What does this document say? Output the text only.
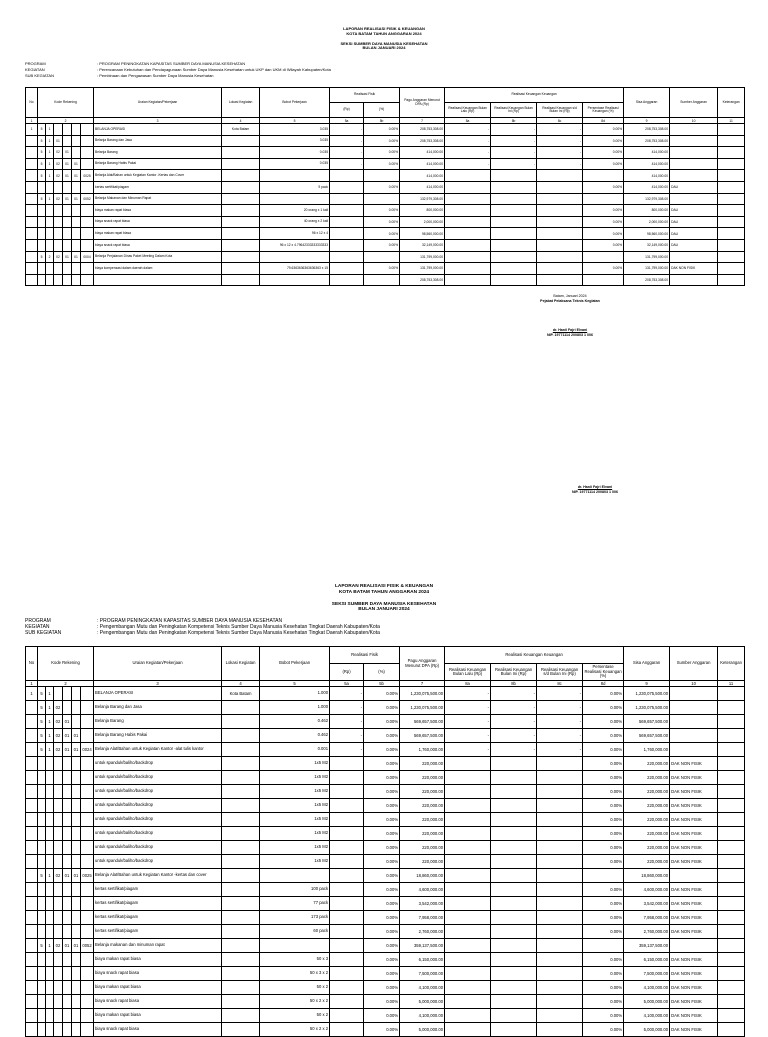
LAPORAN REALISASI FISIK & KEUANGAN
KOTA BATAM TAHUN ANGGARAN 2024
SEKSI SUMBER DAYA MANUSIA KESEHATAN
BULAN JANUARI 2024
PROGRAM	: PROGRAM PENINGKATAN KAPASITAS SUMBER DAYA MANUSIA KESEHATAN
KEGIATAN	: Perencanaan Kebutuhan dan Pendayagunaan Sumber Daya Manusia Kesehatan untuk UKP dan UKM di Wilayah Kabupaten/Kota
SUB KEGIATAN	: Pembinaan dan Pengawasan Sumber Daya Manusia Kesehatan
No	Kode Rekening						Uraian Kegiatan/Pekerjaan	Lokasi Kegiatan	Bobot Pekerjaan	Realisasi Fisik		Pagu Anggaran Menurut DPA (Rp)	Realisasi Keuangan Keuangan				Sisa Anggaran	Sumber Anggaran	Keterangan
										(Rp)	(%)		Realisasi Keuangan Bulan Lalu (Rp)	Realisasi Keuangan Bulan Ini (Rp)	Realisasi Keuangan s/d Bulan Ini (Rp)	Persentase Realisasi Keuangan (%)			
1	2						3	4	5	5a	5b	7	8a	8b	8c	8d	9	10	11
1	5	1					BELANJA OPERASI	Kota Batam	3.035	-	0.00%	208,753,308.00	-	-	-	0.00%	208,753,308.00		
	5	1	01				Belanja Barang dan Jasa		3.035	-	0.00%	208,753,308.00	-	-	-	0.00%	208,753,308.00		
	5	1	02	01			Belanja Barang		0.035	-	0.00%	414,000.00	-	-	-	0.00%	414,000.00		
	5	1	02	01	01		Belanja Barang Habis Pakai		0.035	-	0.00%	414,000.00	-	-	-	0.00%	414,000.00		
	5	1	02	01	01	0025	Belanja Alat/Bahan untuk Kegiatan Kantor -Kertas dan Cover					414,000.00					414,000.00		
							kertas sertifikat/piagam		9 pack		0.00%	414,000.00				0.00%	414,000.00	DAU	
	5	1	02	01	01	0052	Belanja Makanan dan Minuman Rapat					132,979,308.00					132,979,308.00		
							biaya makan rapat biasa		20 orang x 1 kali		0.00%	800,000.00				0.00%	800,000.00	DAU	
							biaya snack rapat biasa		40 orang x 2 kali		0.00%	2,000,000.00				0.00%	2,000,000.00	DAU	
							biaya makan rapat biasa		96 x 12 x 4		0.00%	98,560,000.00				0.00%	98,560,000.00	DAU	
							biaya snack rapat biasa		96 x 12 x 4.79642333333333333		0.00%	32,149,000.00				0.00%	32,149,000.00	DAU	
	5	2	02	01	01	0004	Belanja Perjalanan Dinas Paket Meeting Dalam Kota					131,799,000.00					131,799,000.00		
							biaya kompensasi dalam daerah dalam		79.6363636363636363 x 15		0.00%	131,799,000.00				0.00%	131,799,000.00	DAK NON FISIK	
												208,753,308.00					208,753,308.00		
Batam, Januari 2024
Pejabat Pelaksana Teknis Kegiatan
dr. Hanii Fajri Elvani
NIP. 19771114 200803 1 006
dr. Hanii Fajri Elvani
NIP. 19771114 200803 1 006
LAPORAN REALISASI FISIK & KEUANGAN
KOTA BATAM TAHUN ANGGARAN 2024
SEKSI SUMBER DAYA MANUSIA KESEHATAN
BULAN JANUARI 2024
PROGRAM	: PROGRAM PENINGKATAN KAPASITAS SUMBER DAYA MANUSIA KESEHATAN
KEGIATAN	: Pengembangan Mutu dan Peningkatan Kompetensi Teknis Sumber Daya Manusia Kesehatan Tingkat Daerah Kabupaten/Kota
SUB KEGIATAN	: Pengembangan Mutu dan Peningkatan Kompetensi Teknis Sumber Daya Manusia Kesehatan Tingkat Daerah Kabupaten/Kota
No	Kode Rekening						Uraian Kegiatan/Pekerjaan	Lokasi Kegiatan	Bobot Pekerjaan	Realisasi Fisik		Pagu Anggaran Menurut DPA (Rp)	Realisasi Keuangan Keuangan				Sisa Anggaran	Sumber Anggaran	Keterangan
										(Rp)	(%)		Realisasi Keuangan Bulan Lalu (Rp)	Realisasi Keuangan Bulan Ini (Rp)	Realisasi Keuangan s/d Bulan Ini (Rp)	Persentase Realisasi Keuangan (%)			
1	2						3	4	5	5a	5b	7	8a	8b	8c	8d	9	10	11
1	5	1					BELANJA OPERASI	Kota Batam	1.000	-	0.00%	1,230,075,500.00	-	-	-	0.00%	1,230,075,500.00		
	5	1	02				Belanja Barang dan Jasa		1.000	-	0.00%	1,230,075,500.00	-	-	-	0.00%	1,230,075,500.00		
	5	1	02	01			Belanja Barang		0.462	-	0.00%	569,657,500.00	-	-	-	0.00%	569,657,500.00		
	5	1	02	01	01		Belanja Barang Habis Pakai		0.462	-	0.00%	569,657,500.00	-	-	-	0.00%	569,657,500.00		
	5	1	02	01	01	0024	Belanja Alat/Bahan untuk Kegiatan Kantor -alat tulis kantor		0.001	-	0.00%	1,760,000.00	-	-	-	0.00%	1,760,000.00		
							untuk spanduk/baliho/backdrop		1x5 M2		0.00%	220,000.00				0.00%	220,000.00	DAK NON FISIK	
							untuk spanduk/baliho/backdrop		1x5 M2		0.00%	220,000.00				0.00%	220,000.00	DAK NON FISIK	
							untuk spanduk/baliho/backdrop		1x5 M2		0.00%	220,000.00				0.00%	220,000.00	DAK NON FISIK	
							untuk spanduk/baliho/backdrop		1x5 M2		0.00%	220,000.00				0.00%	220,000.00	DAK NON FISIK	
							untuk spanduk/baliho/backdrop		1x5 M2		0.00%	220,000.00				0.00%	220,000.00	DAK NON FISIK	
							untuk spanduk/baliho/backdrop		1x5 M2		0.00%	220,000.00				0.00%	220,000.00	DAK NON FISIK	
							untuk spanduk/baliho/backdrop		1x5 M2		0.00%	220,000.00				0.00%	220,000.00	DAK NON FISIK	
							untuk spanduk/baliho/backdrop		1x5 M2		0.00%	220,000.00				0.00%	220,000.00	DAK NON FISIK	
	5	1	02	01	01	0025	Belanja Alat/Bahan untuk Kegiatan Kantor -kertas dan cover				0.00%	18,860,000.00					18,860,000.00		
							kertas sertifikat/piagam		100 pack		0.00%	4,600,000.00				0.00%	4,600,000.00	DAK NON FISIK	
							kertas sertifikat/piagam		77 pack		0.00%	3,542,000.00				0.00%	3,542,000.00	DAK NON FISIK	
							kertas sertifikat/piagam		173 pack		0.00%	7,958,000.00				0.00%	7,958,000.00	DAK NON FISIK	
							kertas sertifikat/piagam		60 pack		0.00%	2,760,000.00				0.00%	2,760,000.00	DAK NON FISIK	
	5	1	02	01	01	0052	Belanja makanan dan minuman rapat				0.00%	359,137,500.00					359,137,500.00		
							biaya makan rapat biasa		50 x 3		0.00%	6,150,000.00				0.00%	6,150,000.00	DAK NON FISIK	
							biaya snack rapat biasa		50 x 3 x 2		0.00%	7,500,000.00				0.00%	7,500,000.00	DAK NON FISIK	
							biaya makan rapat biasa		50 x 2		0.00%	4,100,000.00				0.00%	4,100,000.00	DAK NON FISIK	
							biaya snack rapat biasa		50 x 2 x 2		0.00%	5,000,000.00				0.00%	5,000,000.00	DAK NON FISIK	
							biaya makan rapat biasa		50 x 2		0.00%	4,100,000.00				0.00%	4,100,000.00	DAK NON FISIK	
							biaya snack rapat biasa		50 x 2 x 2		0.00%	5,000,000.00				0.00%	5,000,000.00	DAK NON FISIK	
